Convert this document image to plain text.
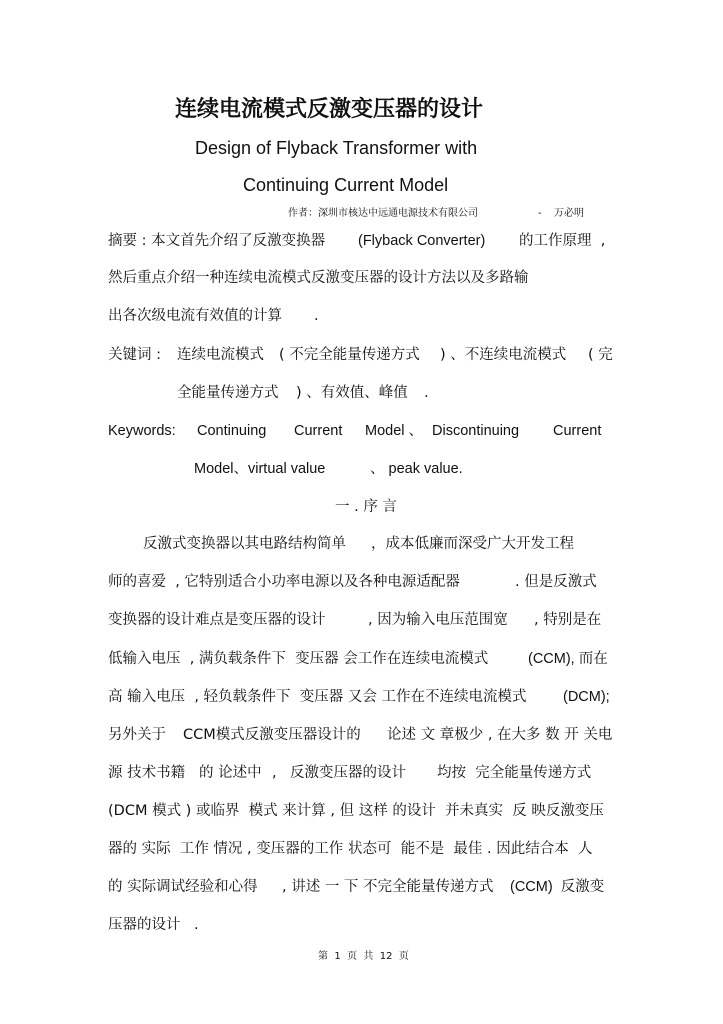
连续电流模式反激变压器的设计
Design of Flyback Transformer with
Continuing Current Model
作者：深圳市核达中远通电源技术有限公司	- 万必明
摘要 : 本文首先介绍了反激变换器 (Flyback Converter) 的工作原理  ,
然后重点介绍一种连续电流模式反激变压器的设计方法以及多路输
出各次级电流有效值的计算 .
关键词 : 连续电流模式 ( 不完全能量传递方式 ) 、不连续电流模式 ( 完
全能量传递方式 ) 、有效值、峰值 .
Keywords: Continuing Current Model 、 Discontinuing Current
Model、virtual value	、 peak value.
一 . 序 言
反激式变换器以其电路结构简单 ，成本低廉而深受广大开发工程
师的喜爱  , 它特别适合小功率电源以及各种电源适配器	. 但是反激式
变换器的设计难点是变压器的设计	, 因为输入电压范围宽 , 特别是在
低输入电压  , 满负载条件下  变压器 会工作在连续电流模式	(CCM), 而在
高 输入电压  , 轻负载条件下  变压器 又会 工作在不连续电流模式	(DCM);
另外关于 CCM模式反激变压器设计的 论述 文 章极少 , 在大多 数 开 关电
源 技术书籍 的 论述中 , 反激变压器的设计 均按  完全能量传递方式
(DCM 模式 ) 或临界  模式 来计算 , 但 这样 的设计  并未真实  反 映反激变压
器的 实际  工作 情况 , 变压器的工作 状态可  能不是  最佳 . 因此结合本  人
的 实际调试经验和心得 , 讲述 一 下 不完全能量传递方式 (CCM)  反激变
压器的设计 .
第  1  页  共  12  页
